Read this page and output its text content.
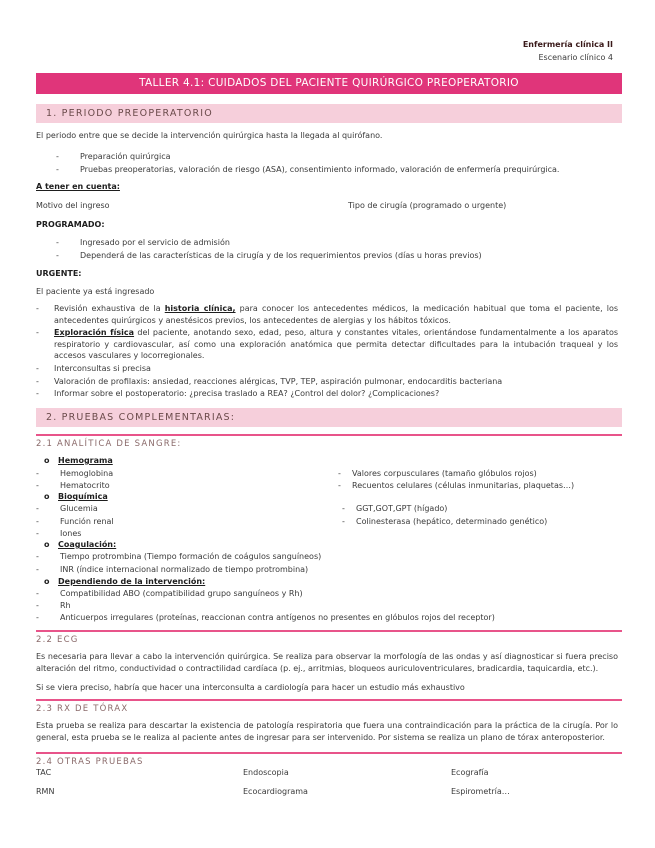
Enfermería clínica II
Escenario clínico 4
TALLER 4.1: CUIDADOS DEL PACIENTE QUIRÚRGICO PREOPERATORIO
1. PERIODO PREOPERATORIO
El periodo entre que se decide la intervención quirúrgica hasta la llegada al quirófano.
- Preparación quirúrgica
- Pruebas preoperatorias, valoración de riesgo (ASA), consentimiento informado, valoración de enfermería prequirúrgica.
A tener en cuenta:
Motivo del ingreso	Tipo de cirugía (programado o urgente)
PROGRAMADO:
- Ingresado por el servicio de admisión
- Dependerá de las características de la cirugía y de los requerimientos previos (días u horas previos)
URGENTE:
El paciente ya está ingresado
- Revisión exhaustiva de la historia clínica, para conocer los antecedentes médicos, la medicación habitual que toma el paciente, los antecedentes quirúrgicos y anestésicos previos, los antecedentes de alergias y los hábitos tóxicos.
- Exploración física del paciente, anotando sexo, edad, peso, altura y constantes vitales, orientándose fundamentalmente a los aparatos respiratorio y cardiovascular, así como una exploración anatómica que permita detectar dificultades para la intubación traqueal y los accesos vasculares y locorregionales.
- Interconsultas si precisa
- Valoración de profilaxis: ansiedad, reacciones alérgicas, TVP, TEP, aspiración pulmonar, endocarditis bacteriana
- Informar sobre el postoperatorio: ¿precisa traslado a REA? ¿Control del dolor? ¿Complicaciones?
2. PRUEBAS COMPLEMENTARIAS:
2.1 ANALÍTICA DE SANGRE:
o Hemograma
-	Hemoglobina
-	Hematocrito
- Valores corpusculares (tamaño glóbulos rojos)
- Recuentos celulares (células inmunitarias, plaquetas…)
o Bioquímica
-	Glucemia
-	Función renal
-	Iones
- GGT,GOT,GPT (hígado)
- Colinesterasa (hepático, determinado genético)
o Coagulación:
-	Tiempo protrombina (Tiempo formación de coágulos sanguíneos)
-	INR (índice internacional normalizado de tiempo protrombina)
o Dependiendo de la intervención:
-	Compatibilidad ABO (compatibilidad grupo sanguíneos y Rh)
-	Rh
-	Anticuerpos irregulares (proteínas, reaccionan contra antígenos no presentes en glóbulos rojos del receptor)
2.2 ECG
Es necesaria para llevar a cabo la intervención quirúrgica. Se realiza para observar la morfología de las ondas y así diagnosticar si fuera preciso alteración del ritmo, conductividad o contractilidad cardíaca (p. ej., arritmias, bloqueos auriculoventriculares, bradicardia, taquicardia, etc.).
Si se viera preciso, habría que hacer una interconsulta a cardiología para hacer un estudio más exhaustivo
2.3 RX DE TÓRAX
Esta prueba se realiza para descartar la existencia de patología respiratoria que fuera una contraindicación para la práctica de la cirugía. Por lo general, esta prueba se le realiza al paciente antes de ingresar para ser intervenido. Por sistema se realiza un plano de tórax anteroposterior.
2.4 OTRAS PRUEBAS
TAC	Endoscopia	Ecografía
RMN	Ecocardiograma	Espirometría…
